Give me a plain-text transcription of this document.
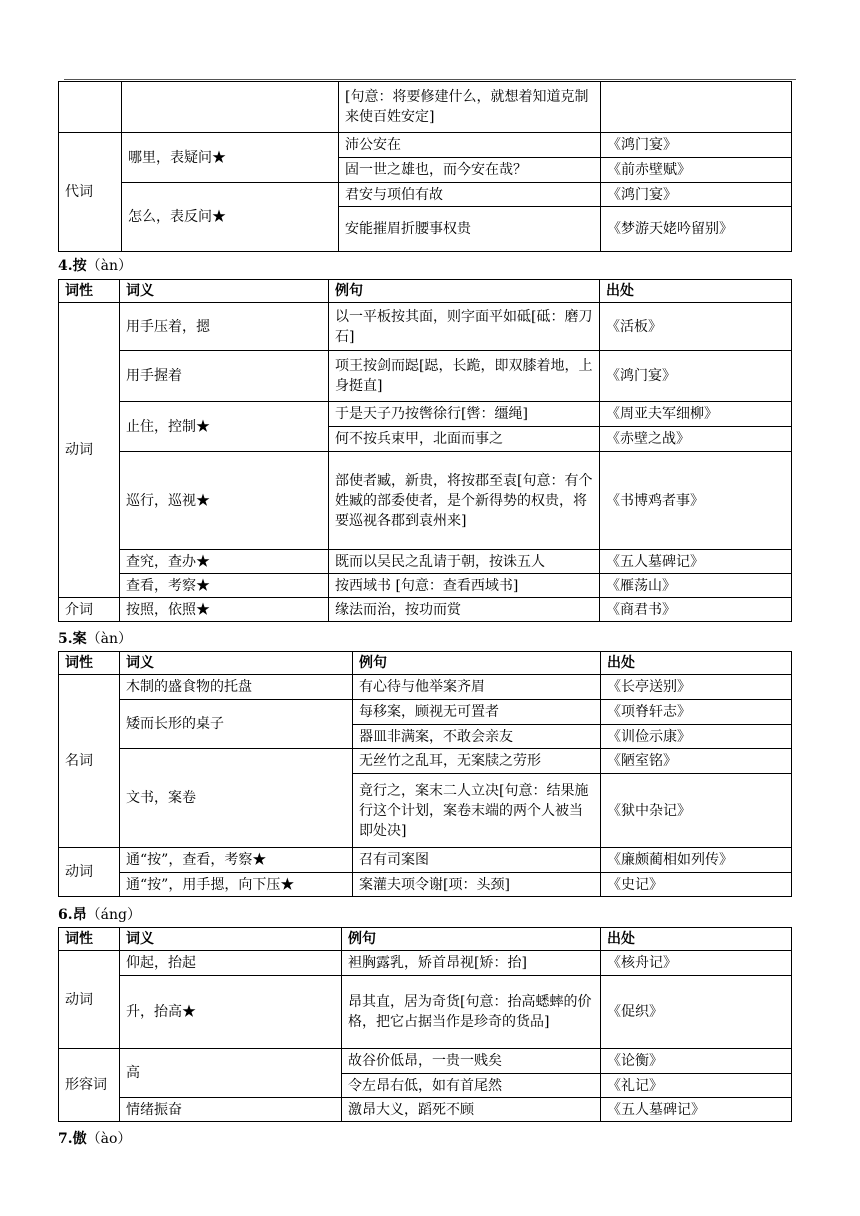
		[句意：将要修建什么，就想着知道克制来使百姓安定]	
代词	哪里，表疑问★	沛公安在	《鸿门宴》
		固一世之雄也，而今安在哉？	《前赤壁赋》
	怎么，表反问★	君安与项伯有故	《鸿门宴》
		安能摧眉折腰事权贵	《梦游天姥吟留别》
4.按（àn）
词性	词义	例句	出处
动词	用手压着，摁	以一平板按其面，则字面平如砥[砥：磨刀石]	《活板》
	用手握着	项王按剑而跽[跽，长跪，即双膝着地，上身挺直]	《鸿门宴》
	止住，控制★	于是天子乃按辔徐行[辔：缰绳]	《周亚夫军细柳》
		何不按兵束甲，北面而事之	《赤壁之战》
	巡行，巡视★	部使者臧，新贵，将按郡至袁[句意：有个姓臧的部委使者，是个新得势的权贵，将要巡视各郡到袁州来]	《书博鸡者事》
	查究，查办★	既而以吴民之乱请于朝，按诛五人	《五人墓碑记》
	查看，考察★	按西域书 [句意：查看西域书]	《雁荡山》
介词	按照，依照★	缘法而治，按功而赏	《商君书》
5.案（àn）
词性	词义	例句	出处
名词	木制的盛食物的托盘	有心待与他举案齐眉	《长亭送别》
	矮而长形的桌子	每移案，顾视无可置者	《项脊轩志》
		器皿非满案，不敢会亲友	《训俭示康》
	文书，案卷	无丝竹之乱耳，无案牍之劳形	《陋室铭》
		竟行之，案末二人立决[句意：结果施行这个计划，案卷末端的两个人被当即处决]	《狱中杂记》
动词	通“按”，查看，考察★	召有司案图	《廉颇蔺相如列传》
	通“按”，用手摁，向下压★	案灌夫项令谢[项：头颈]	《史记》
6.昂（áng）
词性	词义	例句	出处
动词	仰起，抬起	袒胸露乳，矫首昂视[矫：抬]	《核舟记》
	升，抬高★	昂其直，居为奇货[句意：抬高蟋蟀的价格，把它占据当作是珍奇的货品]	《促织》
形容词	高	故谷价低昂，一贵一贱矣	《论衡》
		令左昂右低，如有首尾然	《礼记》
	情绪振奋	激昂大义，蹈死不顾	《五人墓碑记》
7.傲（ào）
